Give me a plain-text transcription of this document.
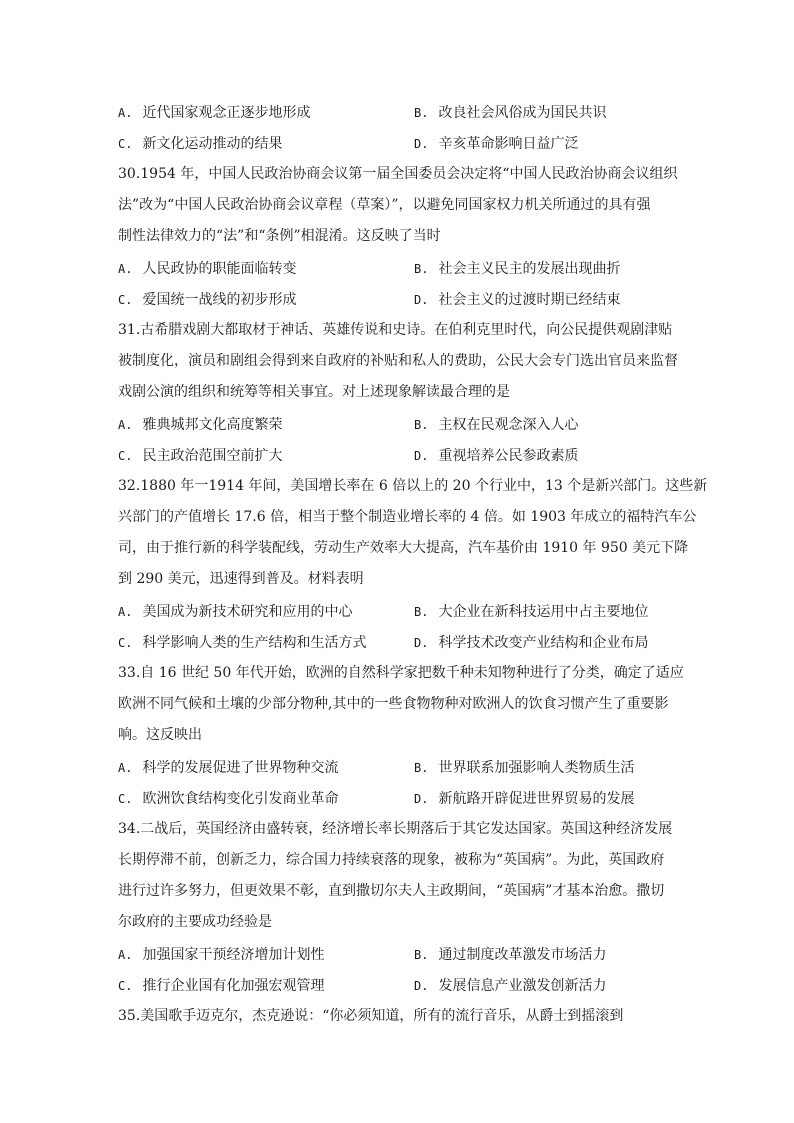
A. 近代国家观念正逐步地形成	B. 改良社会风俗成为国民共识
C. 新文化运动推动的结果	D. 辛亥革命影响日益广泛
30.1954 年，中国人民政治协商会议第一届全国委员会决定将“中国人民政治协商会议组织
法”改为“中国人民政治协商会议章程（草案）”，以避免同国家权力机关所通过的具有强
制性法律效力的“法”和“条例”相混淆。这反映了当时
A. 人民政协的职能面临转变	B. 社会主义民主的发展出现曲折
C. 爱国统一战线的初步形成	D. 社会主义的过渡时期已经结束
31.古希腊戏剧大都取材于神话、英雄传说和史诗。在伯利克里时代，向公民提供观剧津贴
被制度化，演员和剧组会得到来自政府的补贴和私人的费助，公民大会专门选出官员来监督
戏剧公演的组织和统筹等相关事宜。对上述现象解读最合理的是
A. 雅典城邦文化高度繁荣	B. 主权在民观念深入人心
C. 民主政治范围空前扩大	D. 重视培养公民参政素质
32.1880 年一1914 年间，美国增长率在 6 倍以上的 20 个行业中，13 个是新兴部门。这些新
兴部门的产值增长 17.6 倍，相当于整个制造业增长率的 4 倍。如 1903 年成立的福特汽车公
司，由于推行新的科学装配线，劳动生产效率大大提高，汽车基价由 1910 年 950 美元下降
到 290 美元，迅速得到普及。材料表明
A. 美国成为新技术研究和应用的中心	B. 大企业在新科技运用中占主要地位
C. 科学影响人类的生产结构和生活方式	D. 科学技术改变产业结构和企业布局
33.自 16 世纪 50 年代开始，欧洲的自然科学家把数千种未知物种进行了分类，确定了适应
欧洲不同气候和土壤的少部分物种,其中的一些食物物种对欧洲人的饮食习惯产生了重要影
响。这反映出
A. 科学的发展促进了世界物种交流	B. 世界联系加强影响人类物质生活
C. 欧洲饮食结构变化引发商业革命	D. 新航路开辟促进世界贸易的发展
34.二战后，英国经济由盛转衰，经济增长率长期落后于其它发达国家。英国这种经济发展
长期停滞不前，创新乏力，综合国力持续衰落的现象，被称为“英国病”。为此，英国政府
进行过许多努力，但更效果不彰，直到撒切尔夫人主政期间，“英国病”才基本治愈。撒切
尔政府的主要成功经验是
A. 加强国家干预经济增加计划性	B. 通过制度改革激发市场活力
C. 推行企业国有化加强宏观管理	D. 发展信息产业激发创新活力
35.美国歌手迈克尔，杰克逊说：“你必须知道，所有的流行音乐，从爵士到摇滚到
